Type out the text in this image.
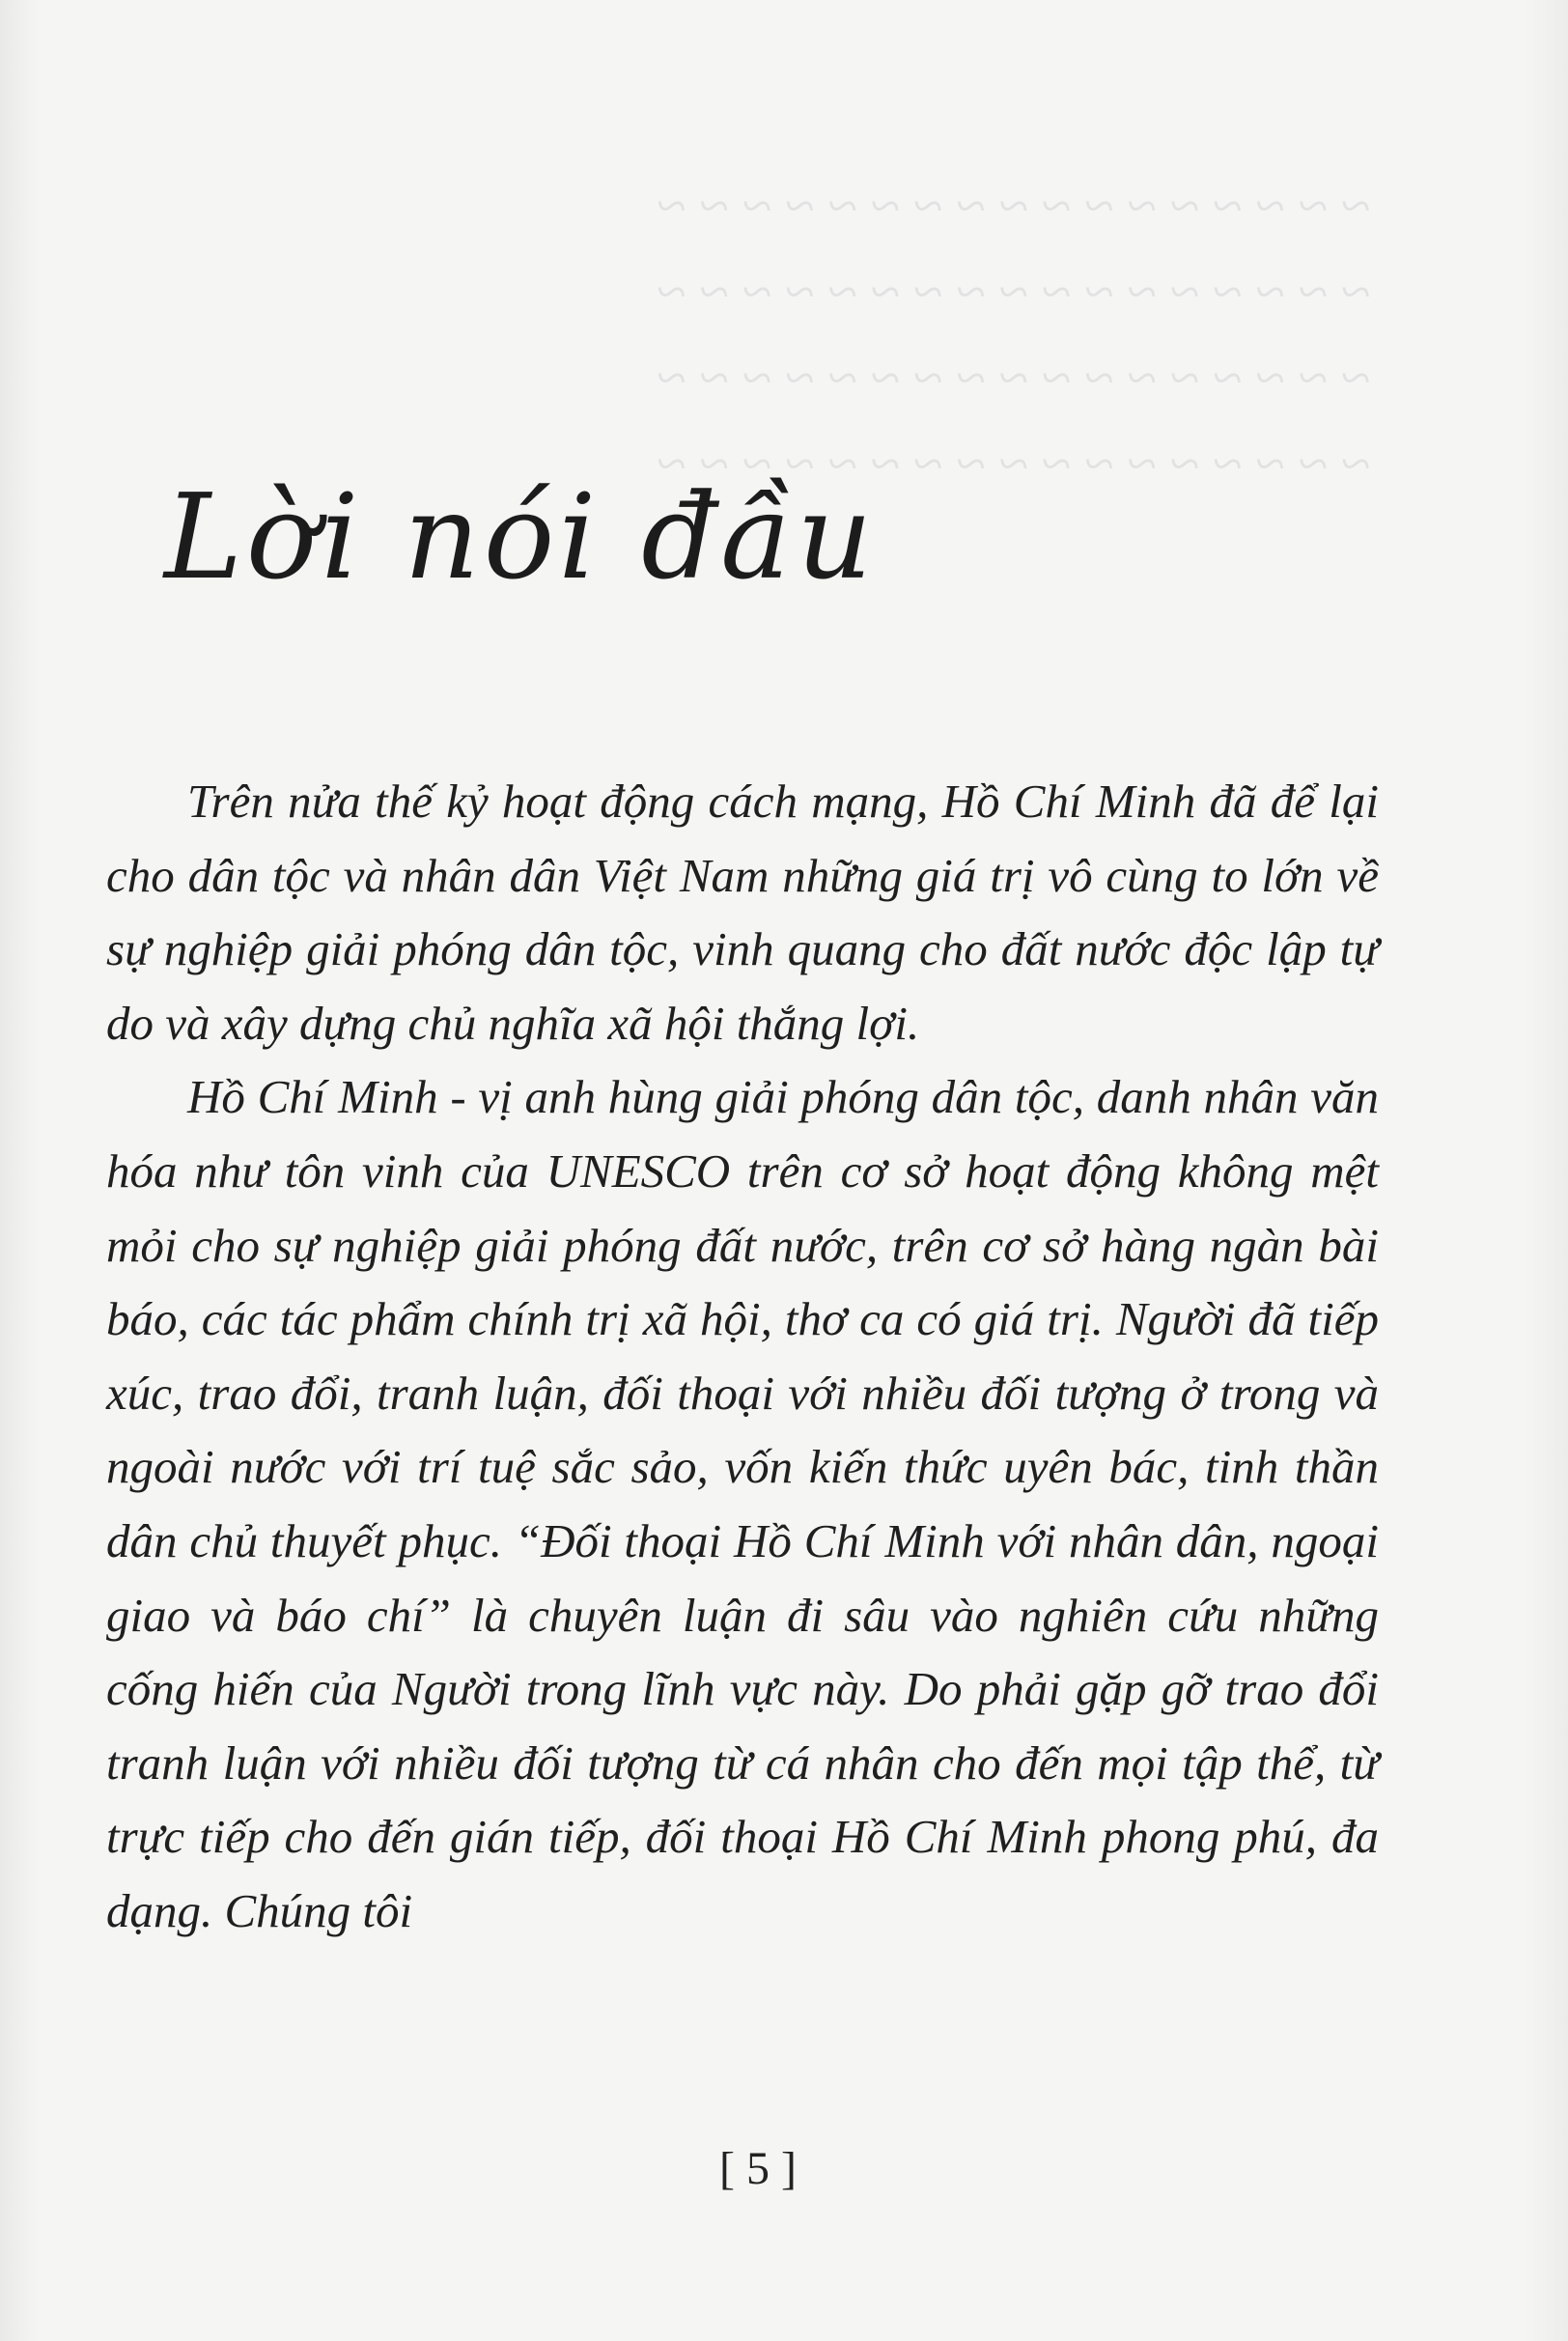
~ ~ ~ ~ ~ ~ ~ ~ ~ ~ ~ ~ ~ ~ ~ ~ ~
~ ~ ~ ~ ~ ~ ~ ~ ~ ~ ~ ~ ~ ~ ~ ~ ~
~ ~ ~ ~ ~ ~ ~ ~ ~ ~ ~ ~ ~ ~ ~ ~ ~
~ ~ ~ ~ ~ ~ ~ ~ ~ ~ ~ ~ ~ ~ ~ ~ ~
Lời nói đầu

Trên nửa thế kỷ hoạt động cách mạng, Hồ Chí Minh đã để lại cho dân tộc và nhân dân Việt Nam những giá trị vô cùng to lớn về sự nghiệp giải phóng dân tộc, vinh quang cho đất nước độc lập tự do và xây dựng chủ nghĩa xã hội thắng lợi.

Hồ Chí Minh - vị anh hùng giải phóng dân tộc, danh nhân văn hóa như tôn vinh của UNESCO trên cơ sở hoạt động không mệt mỏi cho sự nghiệp giải phóng đất nước, trên cơ sở hàng ngàn bài báo, các tác phẩm chính trị xã hội, thơ ca có giá trị. Người đã tiếp xúc, trao đổi, tranh luận, đối thoại với nhiều đối tượng ở trong và ngoài nước với trí tuệ sắc sảo, vốn kiến thức uyên bác, tinh thần dân chủ thuyết phục. “Đối thoại Hồ Chí Minh với nhân dân, ngoại giao và báo chí” là chuyên luận đi sâu vào nghiên cứu những cống hiến của Người trong lĩnh vực này. Do phải gặp gỡ trao đổi tranh luận với nhiều đối tượng từ cá nhân cho đến mọi tập thể, từ trực tiếp cho đến gián tiếp, đối thoại Hồ Chí Minh phong phú, đa dạng. Chúng tôi

[ 5 ]
